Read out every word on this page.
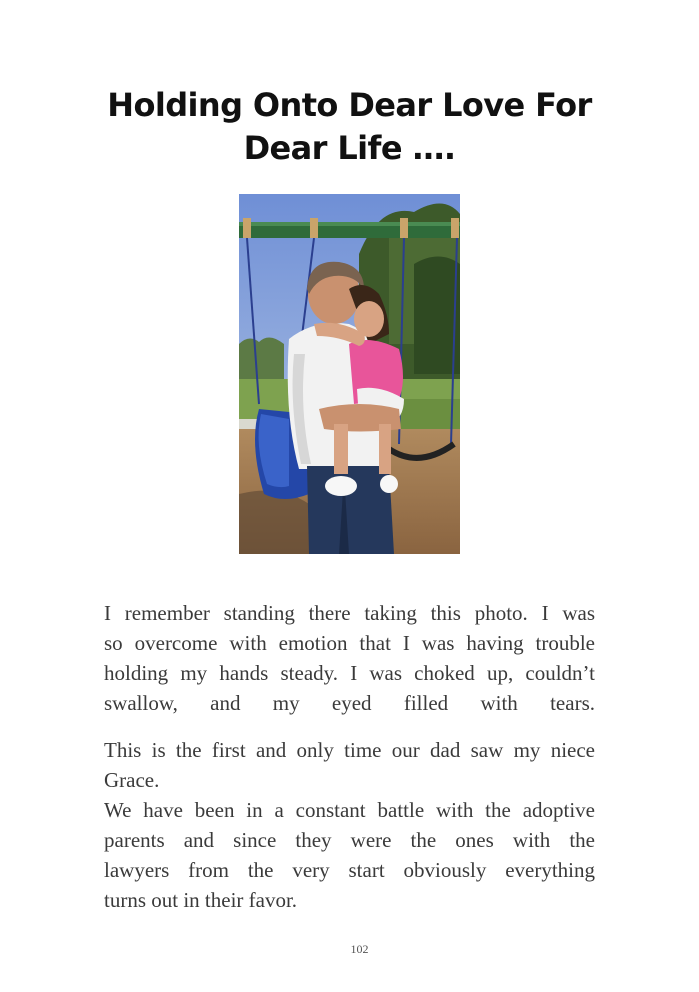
Holding Onto Dear Love For
Dear Life ….

I remember standing there taking this photo. I was so overcome with emotion that I was having trouble holding my hands steady. I was choked up, couldn’t
swallow, and my eyed filled with tears.

This is the first and only time our dad saw my niece
Grace.

We have been in a constant battle with the adoptive parents and since they were the ones with the lawyers from the very start obviously everything
turns out in their favor.

102
